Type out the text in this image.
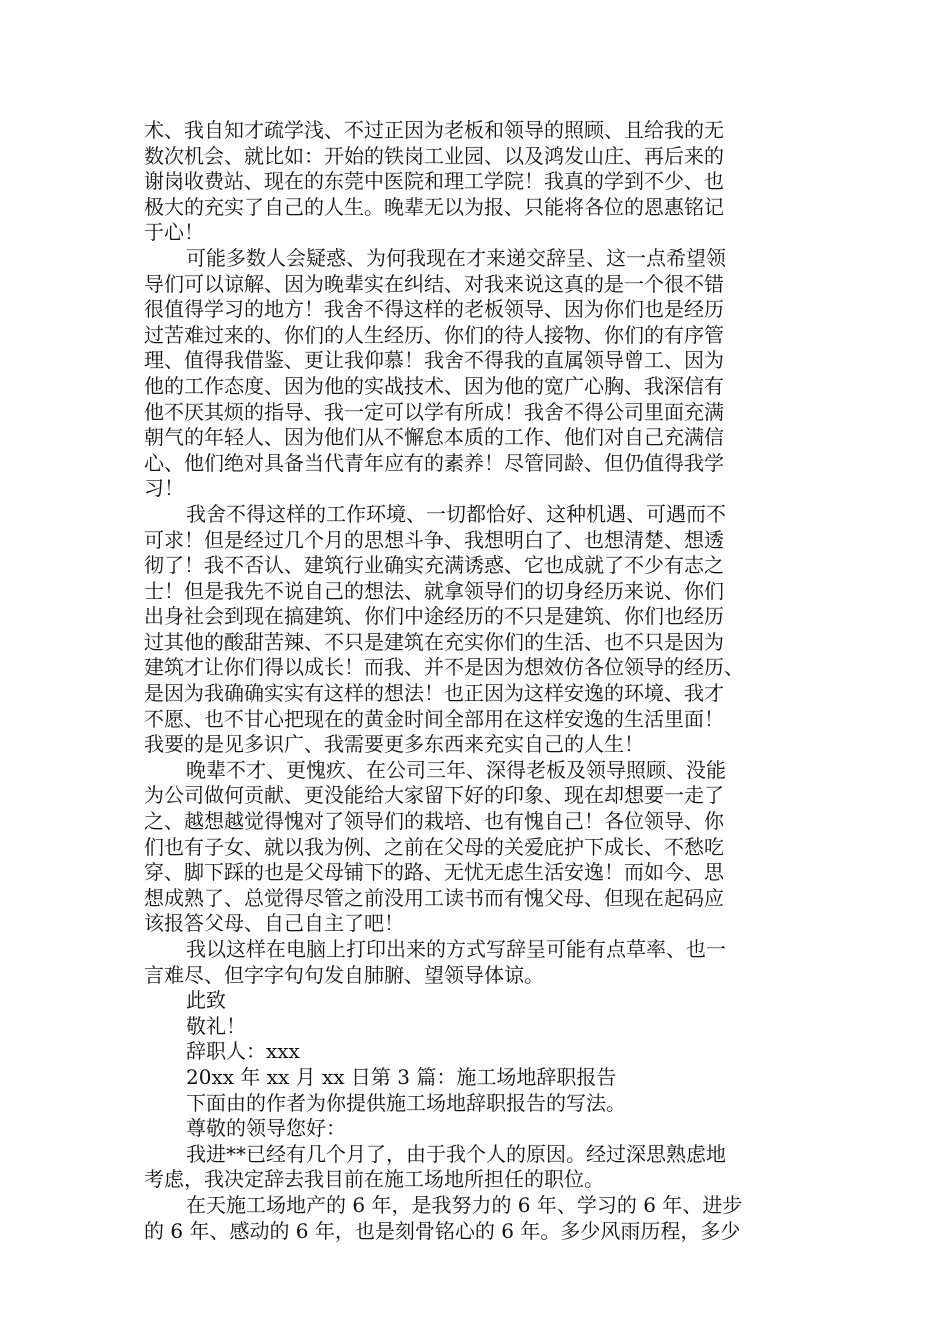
术、我自知才疏学浅、不过正因为老板和领导的照顾、且给我的无
数次机会、就比如：开始的铁岗工业园、以及鸿发山庄、再后来的
谢岗收费站、现在的东莞中医院和理工学院！我真的学到不少、也
极大的充实了自己的人生。晚辈无以为报、只能将各位的恩惠铭记
于心！
可能多数人会疑惑、为何我现在才来递交辞呈、这一点希望领
导们可以谅解、因为晚辈实在纠结、对我来说这真的是一个很不错
很值得学习的地方！我舍不得这样的老板领导、因为你们也是经历
过苦难过来的、你们的人生经历、你们的待人接物、你们的有序管
理、值得我借鉴、更让我仰慕！我舍不得我的直属领导曾工、因为
他的工作态度、因为他的实战技术、因为他的宽广心胸、我深信有
他不厌其烦的指导、我一定可以学有所成！我舍不得公司里面充满
朝气的年轻人、因为他们从不懈怠本质的工作、他们对自己充满信
心、他们绝对具备当代青年应有的素养！尽管同龄、但仍值得我学
习！
我舍不得这样的工作环境、一切都恰好、这种机遇、可遇而不
可求！但是经过几个月的思想斗争、我想明白了、也想清楚、想透
彻了！我不否认、建筑行业确实充满诱惑、它也成就了不少有志之
士！但是我先不说自己的想法、就拿领导们的切身经历来说、你们
出身社会到现在搞建筑、你们中途经历的不只是建筑、你们也经历
过其他的酸甜苦辣、不只是建筑在充实你们的生活、也不只是因为
建筑才让你们得以成长！而我、并不是因为想效仿各位领导的经历、
是因为我确确实实有这样的想法！也正因为这样安逸的环境、我才
不愿、也不甘心把现在的黄金时间全部用在这样安逸的生活里面！
我要的是见多识广、我需要更多东西来充实自己的人生！
晚辈不才、更愧疚、在公司三年、深得老板及领导照顾、没能
为公司做何贡献、更没能给大家留下好的印象、现在却想要一走了
之、越想越觉得愧对了领导们的栽培、也有愧自己！各位领导、你
们也有子女、就以我为例、之前在父母的关爱庇护下成长、不愁吃
穿、脚下踩的也是父母铺下的路、无忧无虑生活安逸！而如今、思
想成熟了、总觉得尽管之前没用工读书而有愧父母、但现在起码应
该报答父母、自己自主了吧！
我以这样在电脑上打印出来的方式写辞呈可能有点草率、也一
言难尽、但字字句句发自肺腑、望领导体谅。
此致
敬礼！
辞职人：xxx
20xx 年 xx 月 xx 日第 3 篇：施工场地辞职报告
下面由的作者为你提供施工场地辞职报告的写法。
尊敬的领导您好：
我进**已经有几个月了，由于我个人的原因。经过深思熟虑地
考虑，我决定辞去我目前在施工场地所担任的职位。
在天施工场地产的 6 年，是我努力的 6 年、学习的 6 年、进步
的 6 年、感动的 6 年，也是刻骨铭心的 6 年。多少风雨历程，多少
